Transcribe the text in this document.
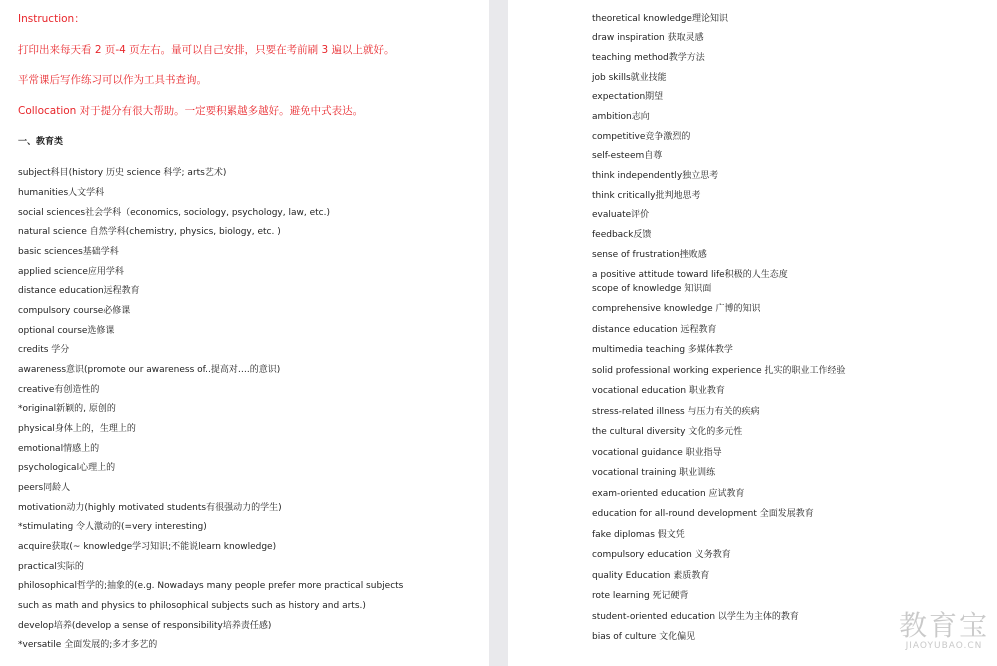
Instruction：
打印出来每天看 2 页-4 页左右。量可以自己安排，只要在考前刷 3 遍以上就好。
平常课后写作练习可以作为工具书查询。
Collocation 对于提分有很大帮助。一定要积累越多越好。避免中式表达。
一、教育类
subject科目(history 历史 science 科学; arts艺术)
humanities人文学科
social sciences社会学科（economics, sociology, psychology, law, etc.)
natural science 自然学科(chemistry, physics, biology, etc. )
basic sciences基础学科
applied science应用学科
distance education远程教育
compulsory course必修课
optional course选修课
credits 学分
awareness意识(promote our awareness of..提高对….的意识)
creative有创造性的
*original新颖的, 原创的
physical身体上的，生理上的
emotional情感上的
psychological心理上的
peers同龄人
motivation动力(highly motivated students有很强动力的学生)
*stimulating 令人激动的(=very interesting)
acquire获取(~ knowledge学习知识;不能说learn knowledge)
practical实际的
philosophical哲学的;抽象的(e.g. Nowadays many people prefer more practical subjects
such as math and physics to philosophical subjects such as history and arts.)
develop培养(develop a sense of responsibility培养责任感)
*versatile 全面发展的;多才多艺的
theoretical knowledge理论知识
draw inspiration 获取灵感
teaching method教学方法
job skills就业技能
expectation期望
ambition志向
competitive竞争激烈的
self-esteem自尊
think independently独立思考
think critically批判地思考
evaluate评价
feedback反馈
sense of frustration挫败感
a positive attitude toward life积极的人生态度
scope of knowledge 知识面
comprehensive knowledge 广博的知识
distance education 远程教育
multimedia teaching 多媒体教学
solid professional working experience 扎实的职业工作经验
vocational education 职业教育
stress-related illness 与压力有关的疾病
the cultural diversity 文化的多元性
vocational guidance 职业指导
vocational training 职业训练
exam-oriented education 应试教育
education for all-round development 全面发展教育
fake diplomas 假文凭
compulsory education 义务教育
quality Education 素质教育
rote learning 死记硬背
student-oriented education 以学生为主体的教育
bias of culture 文化偏见	教育宝
JIAOYUBAO.CN
